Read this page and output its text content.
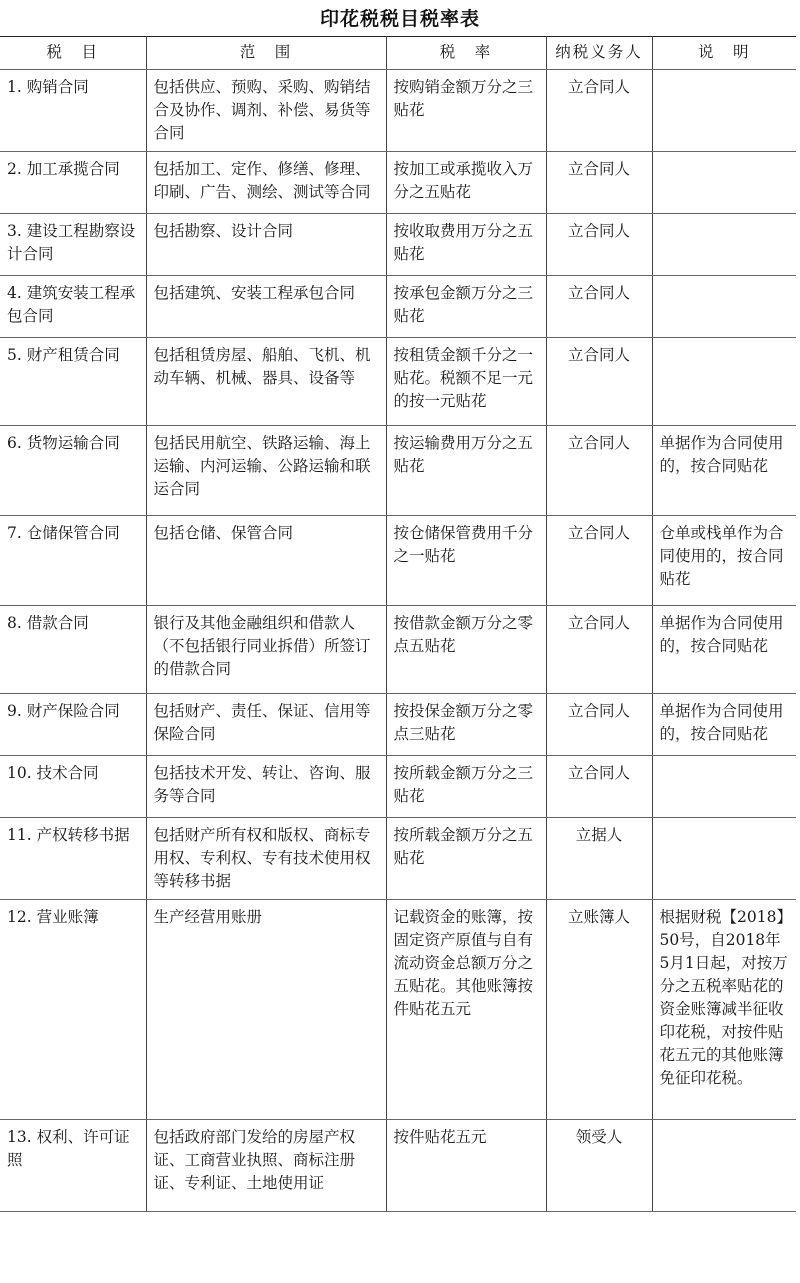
印花税税目税率表
税　目	范　围	税　率	纳税义务人	说　明
1. 购销合同	包括供应、预购、采购、购销结合及协作、调剂、补偿、易货等合同	按购销金额万分之三贴花	立合同人	
2. 加工承揽合同	包括加工、定作、修缮、修理、印刷、广告、测绘、测试等合同	按加工或承揽收入万分之五贴花	立合同人	
3. 建设工程勘察设计合同	包括勘察、设计合同	按收取费用万分之五贴花	立合同人	
4. 建筑安装工程承包合同	包括建筑、安装工程承包合同	按承包金额万分之三贴花	立合同人	
5. 财产租赁合同	包括租赁房屋、船舶、飞机、机动车辆、机械、器具、设备等	按租赁金额千分之一贴花。税额不足一元的按一元贴花	立合同人	
6. 货物运输合同	包括民用航空、铁路运输、海上运输、内河运输、公路运输和联运合同	按运输费用万分之五贴花	立合同人	单据作为合同使用的，按合同贴花
7. 仓储保管合同	包括仓储、保管合同	按仓储保管费用千分之一贴花	立合同人	仓单或栈单作为合同使用的，按合同贴花
8. 借款合同	银行及其他金融组织和借款人（不包括银行同业拆借）所签订的借款合同	按借款金额万分之零点五贴花	立合同人	单据作为合同使用的，按合同贴花
9. 财产保险合同	包括财产、责任、保证、信用等保险合同	按投保金额万分之零点三贴花	立合同人	单据作为合同使用的，按合同贴花
10. 技术合同	包括技术开发、转让、咨询、服务等合同	按所载金额万分之三贴花	立合同人	
11. 产权转移书据	包括财产所有权和版权、商标专用权、专利权、专有技术使用权等转移书据	按所载金额万分之五贴花	立据人	
12. 营业账簿	生产经营用账册	记载资金的账簿，按固定资产原值与自有流动资金总额万分之五贴花。其他账簿按件贴花五元	立账簿人	根据财税【2018】50号，自2018年5月1日起，对按万分之五税率贴花的资金账簿减半征收印花税，对按件贴花五元的其他账簿免征印花税。
13. 权利、许可证照	包括政府部门发给的房屋产权证、工商营业执照、商标注册证、专利证、土地使用证	按件贴花五元	领受人	
